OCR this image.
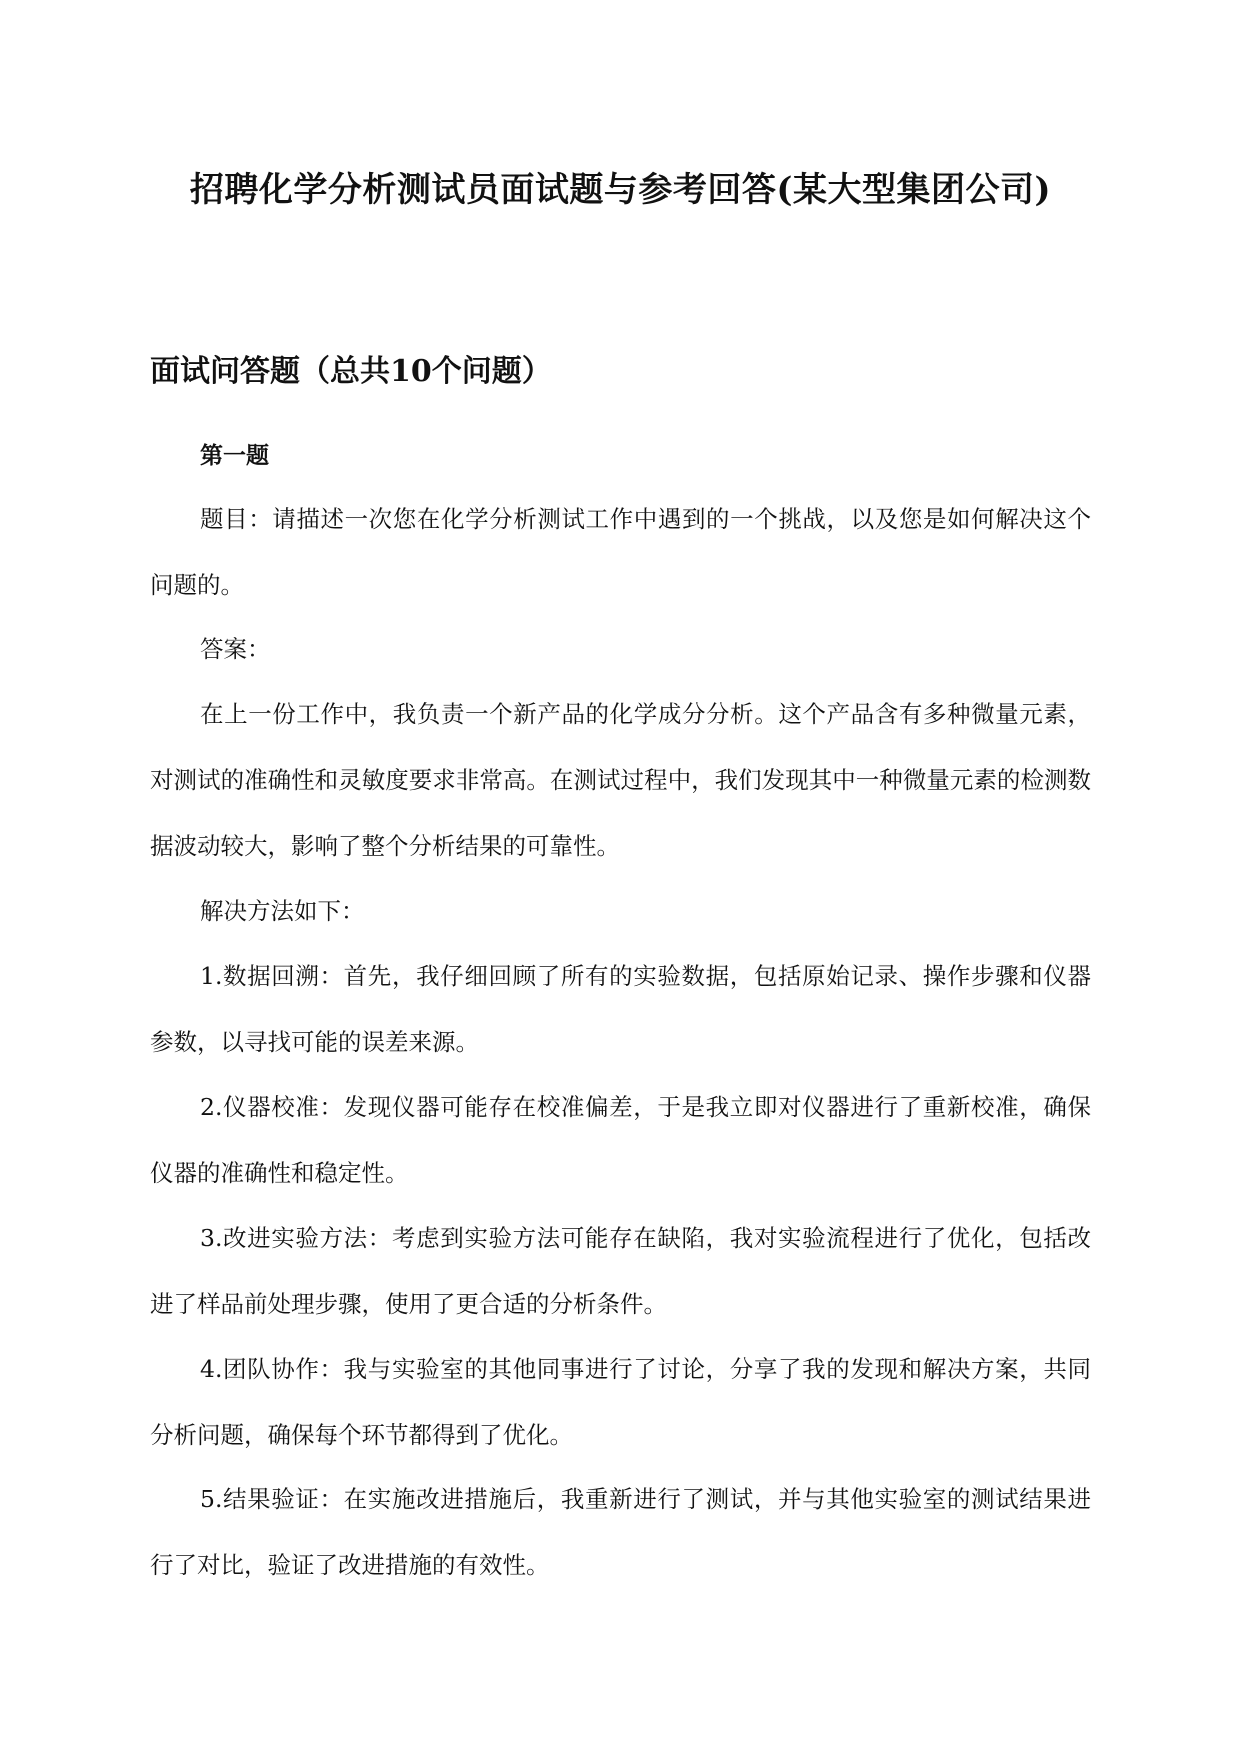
招聘化学分析测试员面试题与参考回答(某大型集团公司)
面试问答题（总共10个问题）
第一题

题目：请描述一次您在化学分析测试工作中遇到的一个挑战，以及您是如何解决这个问题的。

答案：

在上一份工作中，我负责一个新产品的化学成分分析。这个产品含有多种微量元素，对测试的准确性和灵敏度要求非常高。在测试过程中，我们发现其中一种微量元素的检测数据波动较大，影响了整个分析结果的可靠性。

解决方法如下：

1.数据回溯：首先，我仔细回顾了所有的实验数据，包括原始记录、操作步骤和仪器参数，以寻找可能的误差来源。

2.仪器校准：发现仪器可能存在校准偏差，于是我立即对仪器进行了重新校准，确保仪器的准确性和稳定性。

3.改进实验方法：考虑到实验方法可能存在缺陷，我对实验流程进行了优化，包括改进了样品前处理步骤，使用了更合适的分析条件。

4.团队协作：我与实验室的其他同事进行了讨论，分享了我的发现和解决方案，共同分析问题，确保每个环节都得到了优化。

5.结果验证：在实施改进措施后，我重新进行了测试，并与其他实验室的测试结果进行了对比，验证了改进措施的有效性。
